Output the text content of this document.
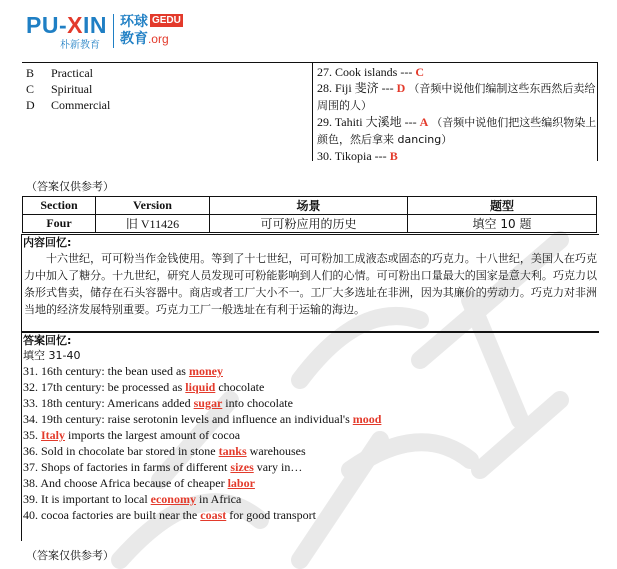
PU-XIN
朴新教育
环球 GEDU
教育.org
B	Practical
C	Spiritual
D	Commercial
27. Cook islands --- C
28. Fiji 斐济 --- D （音频中说他们编制这些东西然后卖给周围的人）
29. Tahiti 大溪地 --- A （音频中说他们把这些编织物染上颜色，然后拿来 dancing）
30. Tikopia --- B
（答案仅供参考）
Section	Version	场景	题型
Four	旧 V11426	可可粉应用的历史	填空 10 题
内容回忆:
十六世纪，可可粉当作金钱使用。等到了十七世纪，可可粉加工成液态或固态的巧克力。十八世纪，美国人在巧克力中加入了糖分。十九世纪，研究人员发现可可粉能影响到人们的心情。可可粉出口量最大的国家是意大利。巧克力以条形式售卖，储存在石头容器中。商店或者工厂大小不一。工厂大多选址在非洲，因为其廉价的劳动力。巧克力对非洲当地的经济发展特别重要。巧克力工厂一般选址在有利于运输的海边。
答案回忆:
填空 31-40
31. 16th century: the bean used as money
32. 17th century: be processed as liquid chocolate
33. 18th century: Americans added sugar into chocolate
34. 19th century: raise serotonin levels and influence an individual's mood
35. Italy imports the largest amount of cocoa
36. Sold in chocolate bar stored in stone tanks warehouses
37. Shops of factories in farms of different sizes vary in…
38. And choose Africa because of cheaper labor
39. It is important to local economy in Africa
40. cocoa factories are built near the coast for good transport
（答案仅供参考）
